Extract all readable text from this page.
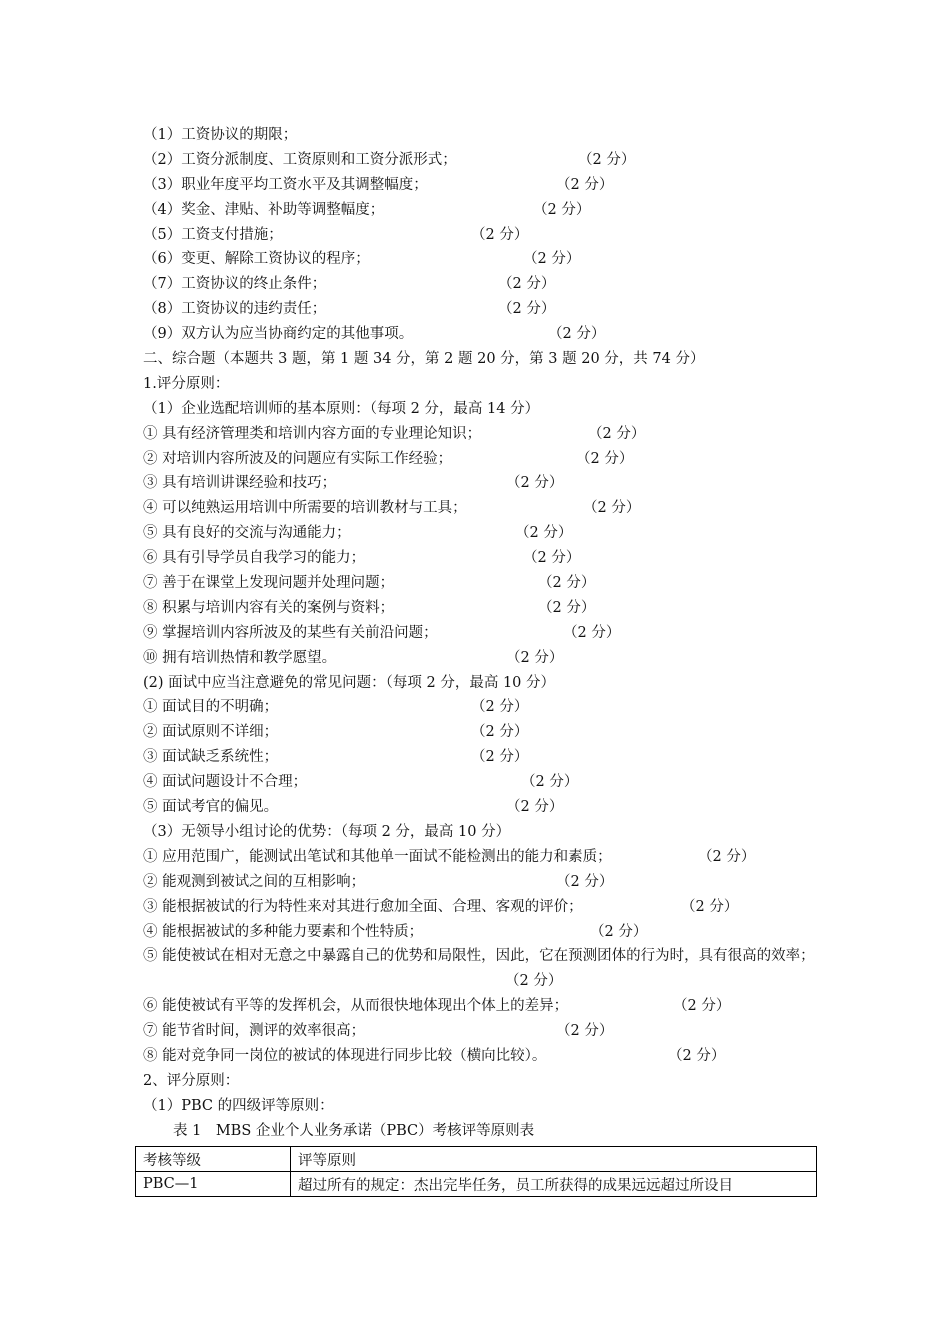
（1）工资协议的期限；
（2）工资分派制度、工资原则和工资分派形式；	（2 分）
（3）职业年度平均工资水平及其调整幅度；	（2 分）
（4）奖金、津贴、补助等调整幅度；	（2 分）
（5）工资支付措施；	（2 分）
（6）变更、解除工资协议的程序；	（2 分）
（7）工资协议的终止条件；	（2 分）
（8）工资协议的违约责任；	（2 分）
（9）双方认为应当协商约定的其他事项。	（2 分）
二、综合题（本题共 3 题，第 1 题 34 分，第 2 题 20 分，第 3 题 20 分，共 74 分）
1.评分原则：
（1）企业选配培训师的基本原则：（每项 2 分，最高 14 分）
① 具有经济管理类和培训内容方面的专业理论知识；	（2 分）
② 对培训内容所波及的问题应有实际工作经验；	（2 分）
③ 具有培训讲课经验和技巧；	（2 分）
④ 可以纯熟运用培训中所需要的培训教材与工具；	（2 分）
⑤ 具有良好的交流与沟通能力；	（2 分）
⑥ 具有引导学员自我学习的能力；	（2 分）
⑦ 善于在课堂上发现问题并处理问题；	（2 分）
⑧ 积累与培训内容有关的案例与资料；	（2 分）
⑨ 掌握培训内容所波及的某些有关前沿问题；	（2 分）
⑩ 拥有培训热情和教学愿望。	（2 分）
(2) 面试中应当注意避免的常见问题：（每项 2 分，最高 10 分）
① 面试目的不明确；	（2 分）
② 面试原则不详细；	（2 分）
③ 面试缺乏系统性；	（2 分）
④ 面试问题设计不合理；	（2 分）
⑤ 面试考官的偏见。	（2 分）
（3）无领导小组讨论的优势：（每项 2 分，最高 10 分）
① 应用范围广，能测试出笔试和其他单一面试不能检测出的能力和素质；	（2 分）
② 能观测到被试之间的互相影响；	（2 分）
③ 能根据被试的行为特性来对其进行愈加全面、合理、客观的评价；	（2 分）
④ 能根据被试的多种能力要素和个性特质；	（2 分）
⑤ 能使被试在相对无意之中暴露自己的优势和局限性，因此，它在预测团体的行为时，具有很高的效率；
（2 分）
⑥ 能使被试有平等的发挥机会，从而很快地体现出个体上的差异；	（2 分）
⑦ 能节省时间，测评的效率很高；	（2 分）
⑧ 能对竞争同一岗位的被试的体现进行同步比较（横向比较）。	（2 分）
2、评分原则：
（1）PBC 的四级评等原则：
表 1　MBS 企业个人业务承诺（PBC）考核评等原则表
考核等级	评等原则
PBC—1	超过所有的规定：杰出完毕任务，员工所获得的成果远远超过所设目
